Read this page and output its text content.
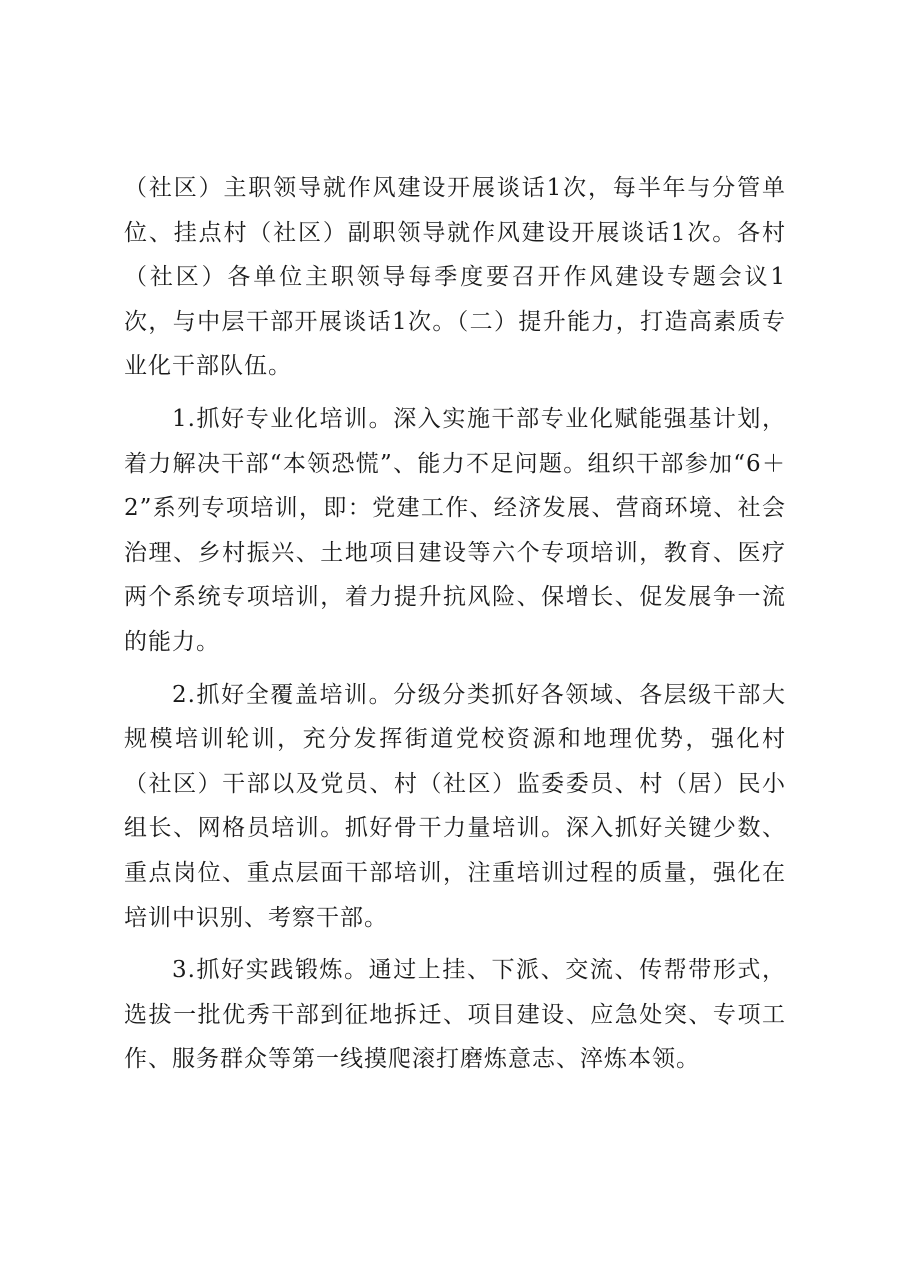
（社区）主职领导就作风建设开展谈话1次，每半年与分管单位、挂点村（社区）副职领导就作风建设开展谈话1次。各村（社区）各单位主职领导每季度要召开作风建设专题会议1次，与中层干部开展谈话1次。（二）提升能力，打造高素质专业化干部队伍。

1.抓好专业化培训。深入实施干部专业化赋能强基计划，着力解决干部“本领恐慌”、能力不足问题。组织干部参加“6＋2”系列专项培训，即：党建工作、经济发展、营商环境、社会治理、乡村振兴、土地项目建设等六个专项培训，教育、医疗两个系统专项培训，着力提升抗风险、保增长、促发展争一流的能力。

2.抓好全覆盖培训。分级分类抓好各领域、各层级干部大规模培训轮训，充分发挥街道党校资源和地理优势，强化村（社区）干部以及党员、村（社区）监委委员、村（居）民小组长、网格员培训。抓好骨干力量培训。深入抓好关键少数、重点岗位、重点层面干部培训，注重培训过程的质量，强化在培训中识别、考察干部。

3.抓好实践锻炼。通过上挂、下派、交流、传帮带形式，选拔一批优秀干部到征地拆迁、项目建设、应急处突、专项工作、服务群众等第一线摸爬滚打磨炼意志、淬炼本领。
